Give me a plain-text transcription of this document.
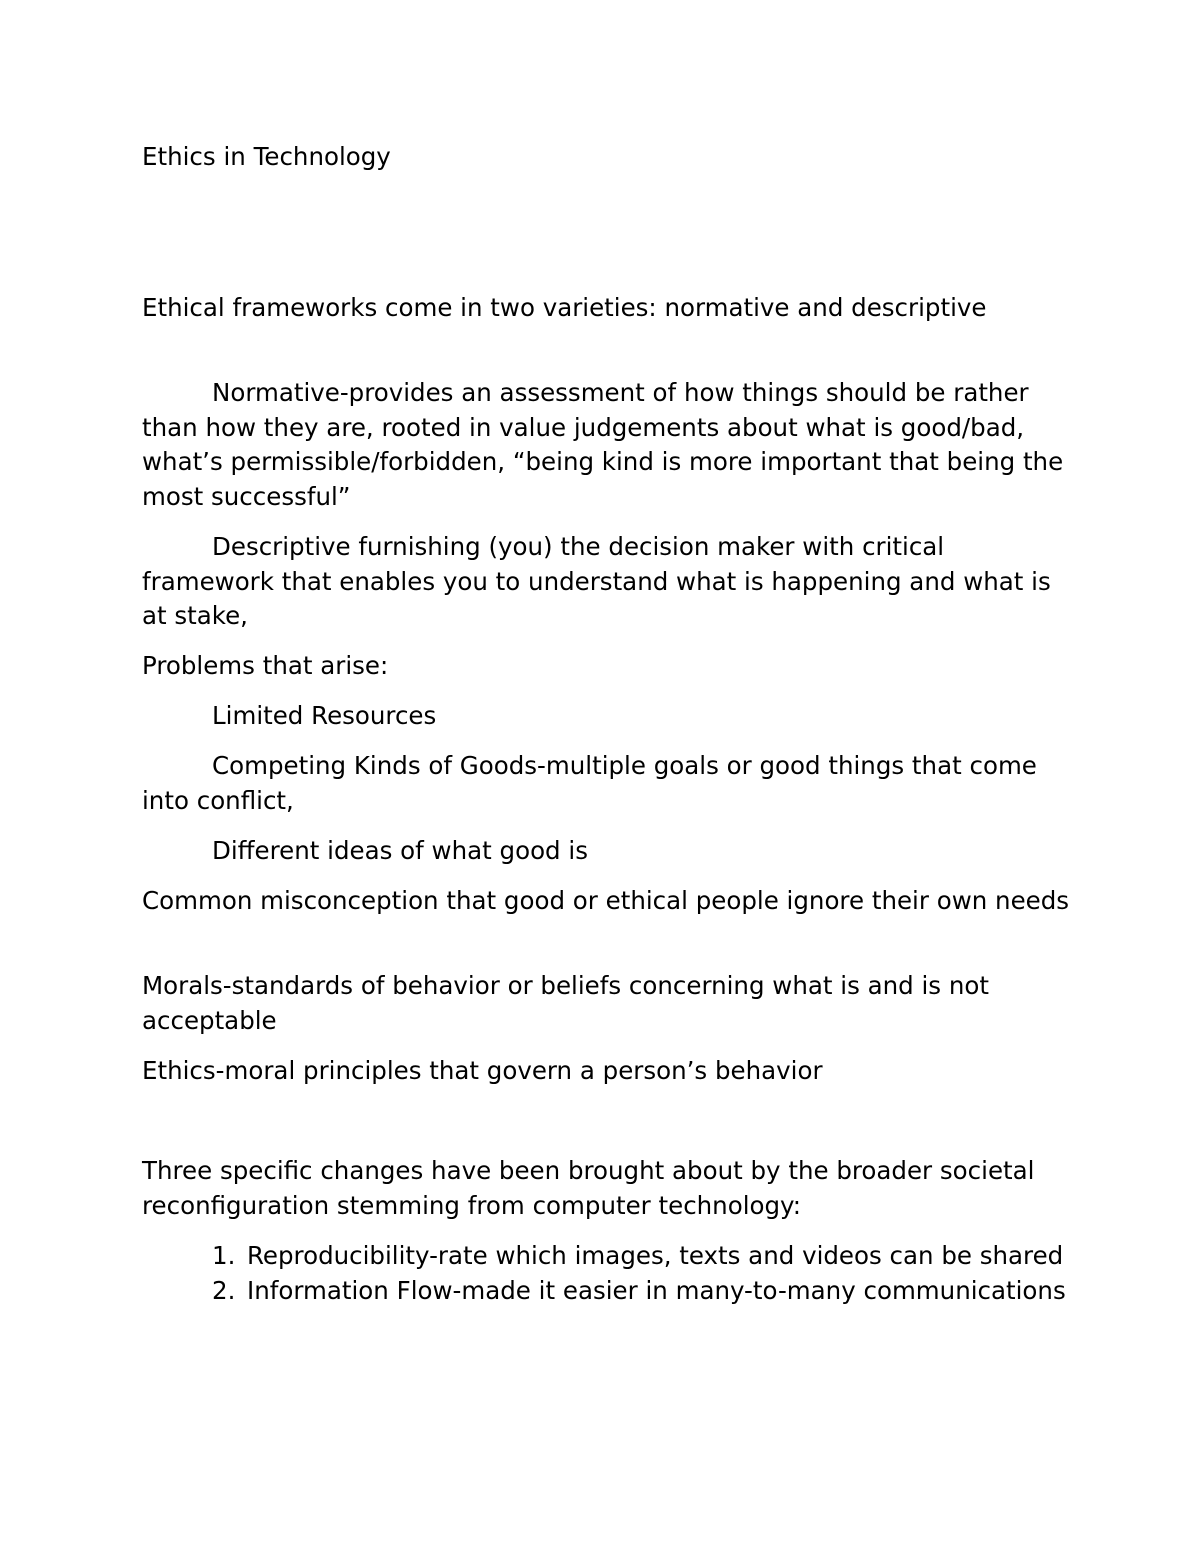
Ethics in Technology

Ethical frameworks come in two varieties: normative and descriptive

Normative-provides an assessment of how things should be rather than how they are, rooted in value judgements about what is good/bad, what’s permissible/forbidden, “being kind is more important that being the most successful”

Descriptive furnishing (you) the decision maker with critical framework that enables you to understand what is happening and what is at stake,

Problems that arise:

Limited Resources

Competing Kinds of Goods-multiple goals or good things that come into conflict,

Different ideas of what good is

Common misconception that good or ethical people ignore their own needs

Morals-standards of behavior or beliefs concerning what is and is not acceptable

Ethics-moral principles that govern a person’s behavior

Three specific changes have been brought about by the broader societal reconfiguration stemming from computer technology:

1. Reproducibility-rate which images, texts and videos can be shared
2. Information Flow-made it easier in many-to-many communications
